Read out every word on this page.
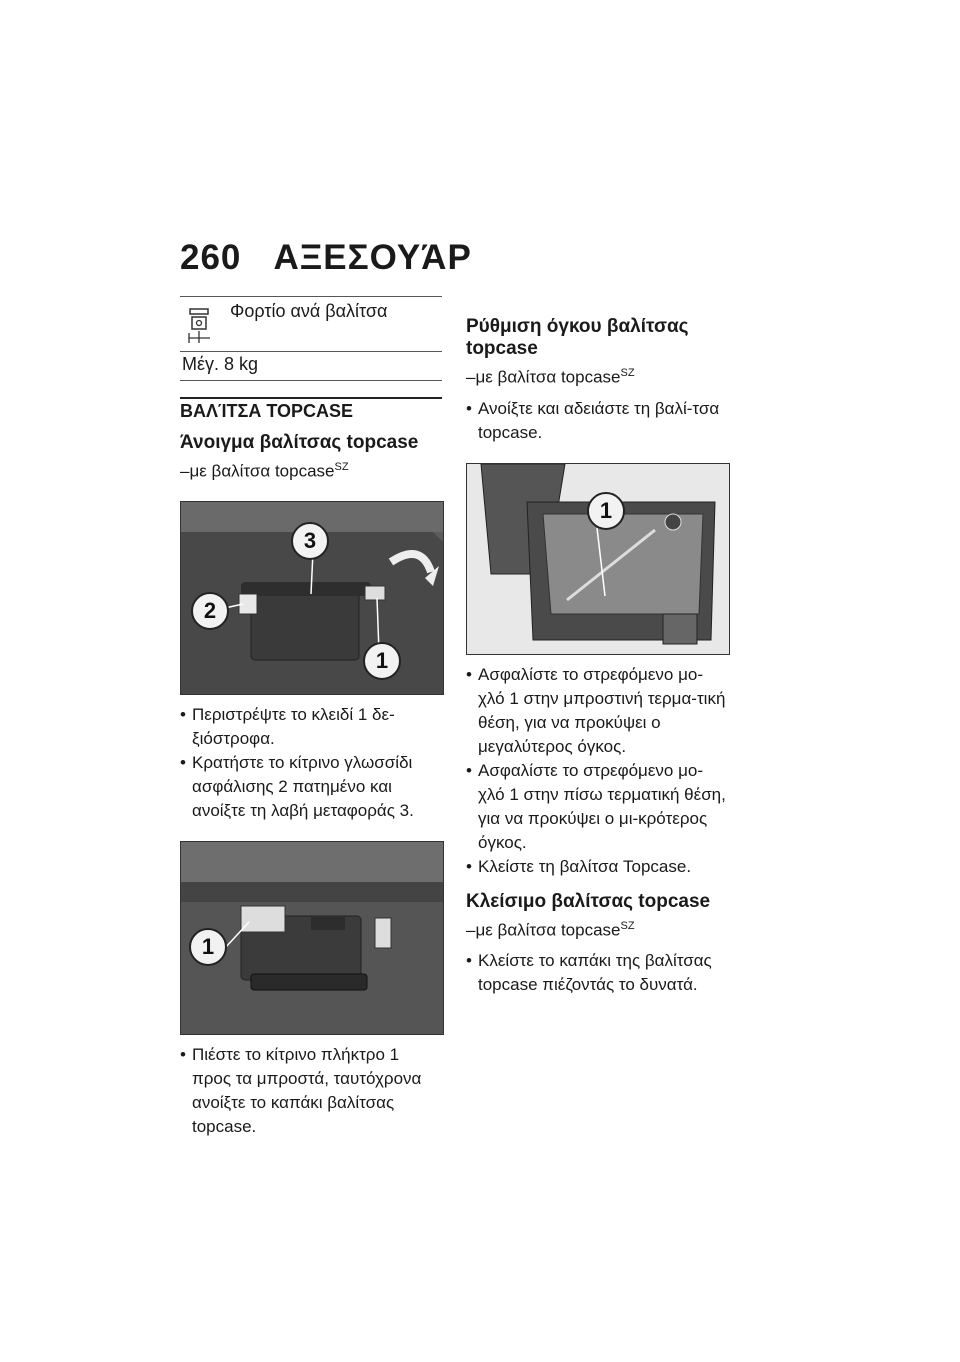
260 ΑΞΕΣΟΥΆΡ
Φορτίο ανά βαλίτσα
Μέγ. 8 kg
ΒΑΛΊΤΣΑ TOPCASE
Άνοιγμα βαλίτσας topcase
–με βαλίτσα topcase$^{SZ}$
3
2
1
• Περιστρέψτε το κλειδί 1 δε-ξιόστροφα.
• Κρατήστε το κίτρινο γλωσσίδι ασφάλισης 2 πατημένο και ανοίξτε τη λαβή μεταφοράς 3.
1
• Πιέστε το κίτρινο πλήκτρο 1 προς τα μπροστά, ταυτόχρονα ανοίξτε το καπάκι βαλίτσας topcase.
Ρύθμιση όγκου βαλίτσας topcase
–με βαλίτσα topcase$^{SZ}$
• Ανοίξτε και αδειάστε τη βαλί-τσα topcase.
1
• Ασφαλίστε το στρεφόμενο μο-χλό 1 στην μπροστινή τερμα-τική θέση, για να προκύψει ο μεγαλύτερος όγκος.
• Ασφαλίστε το στρεφόμενο μο-χλό 1 στην πίσω τερματική θέση, για να προκύψει ο μι-κρότερος όγκος.
• Κλείστε τη βαλίτσα Topcase.
Κλείσιμο βαλίτσας topcase
–με βαλίτσα topcase$^{SZ}$
• Κλείστε το καπάκι της βαλίτσας topcase πιέζοντάς το δυνατά.
